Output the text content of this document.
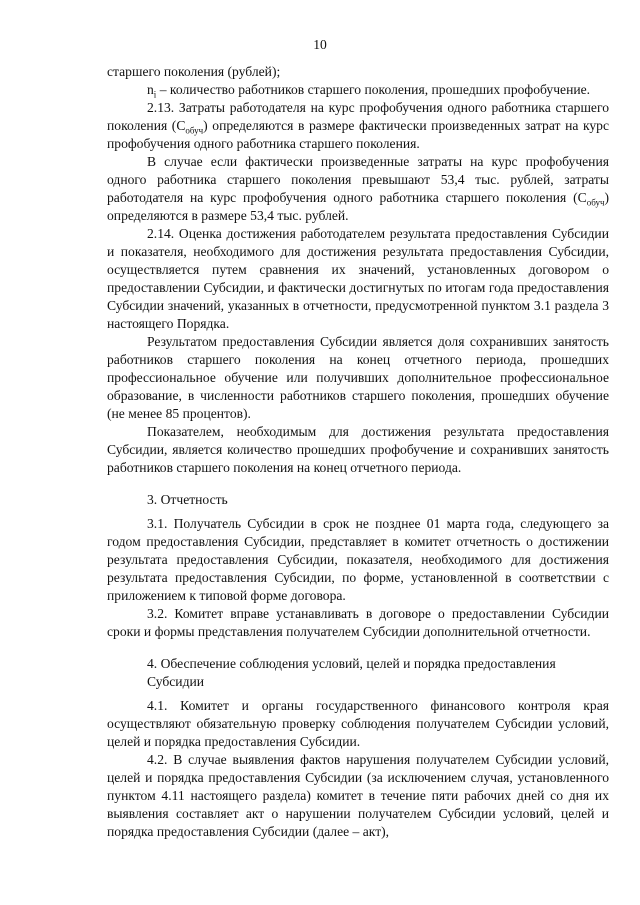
10

старшего поколения (рублей);

$n_i$ – количество работников старшего поколения, прошедших профобучение.

2.13. Затраты работодателя на курс профобучения одного работника старшего поколения $(С_{обуч})$ определяются в размере фактически произведенных затрат на курс профобучения одного работника старшего поколения.

В случае если фактически произведенные затраты на курс профобучения одного работника старшего поколения превышают 53,4 тыс. рублей, затраты работодателя на курс профобучения одного работника старшего поколения $(С_{обуч})$ определяются в размере 53,4 тыс. рублей.

2.14. Оценка достижения работодателем результата предоставления Субсидии и показателя, необходимого для достижения результата предоставления Субсидии, осуществляется путем сравнения их значений, установленных договором о предоставлении Субсидии, и фактически достигнутых по итогам года предоставления Субсидии значений, указанных в отчетности, предусмотренной пунктом 3.1 раздела 3 настоящего Порядка.

Результатом предоставления Субсидии является доля сохранивших занятость работников старшего поколения на конец отчетного периода, прошедших профессиональное обучение или получивших дополнительное профессиональное образование, в численности работников старшего поколения, прошедших обучение (не менее 85 процентов).

Показателем, необходимым для достижения результата предоставления Субсидии, является количество прошедших профобучение и сохранивших занятость работников старшего поколения на конец отчетного периода.

3. Отчетность

3.1. Получатель Субсидии в срок не позднее 01 марта года, следующего за годом предоставления Субсидии, представляет в комитет отчетность о достижении результата предоставления Субсидии, показателя, необходимого для достижения результата предоставления Субсидии, по форме, установленной в соответствии с приложением к типовой форме договора.

3.2. Комитет вправе устанавливать в договоре о предоставлении Субсидии сроки и формы представления получателем Субсидии дополнительной отчетности.

4. Обеспечение соблюдения условий, целей и порядка предоставления

Субсидии

4.1. Комитет и органы государственного финансового контроля края осуществляют обязательную проверку соблюдения получателем Субсидии условий, целей и порядка предоставления Субсидии.

4.2. В случае выявления фактов нарушения получателем Субсидии условий, целей и порядка предоставления Субсидии (за исключением случая, установленного пунктом 4.11 настоящего раздела) комитет в течение пяти рабочих дней со дня их выявления составляет акт о нарушении получателем Субсидии условий, целей и порядка предоставления Субсидии (далее – акт),
